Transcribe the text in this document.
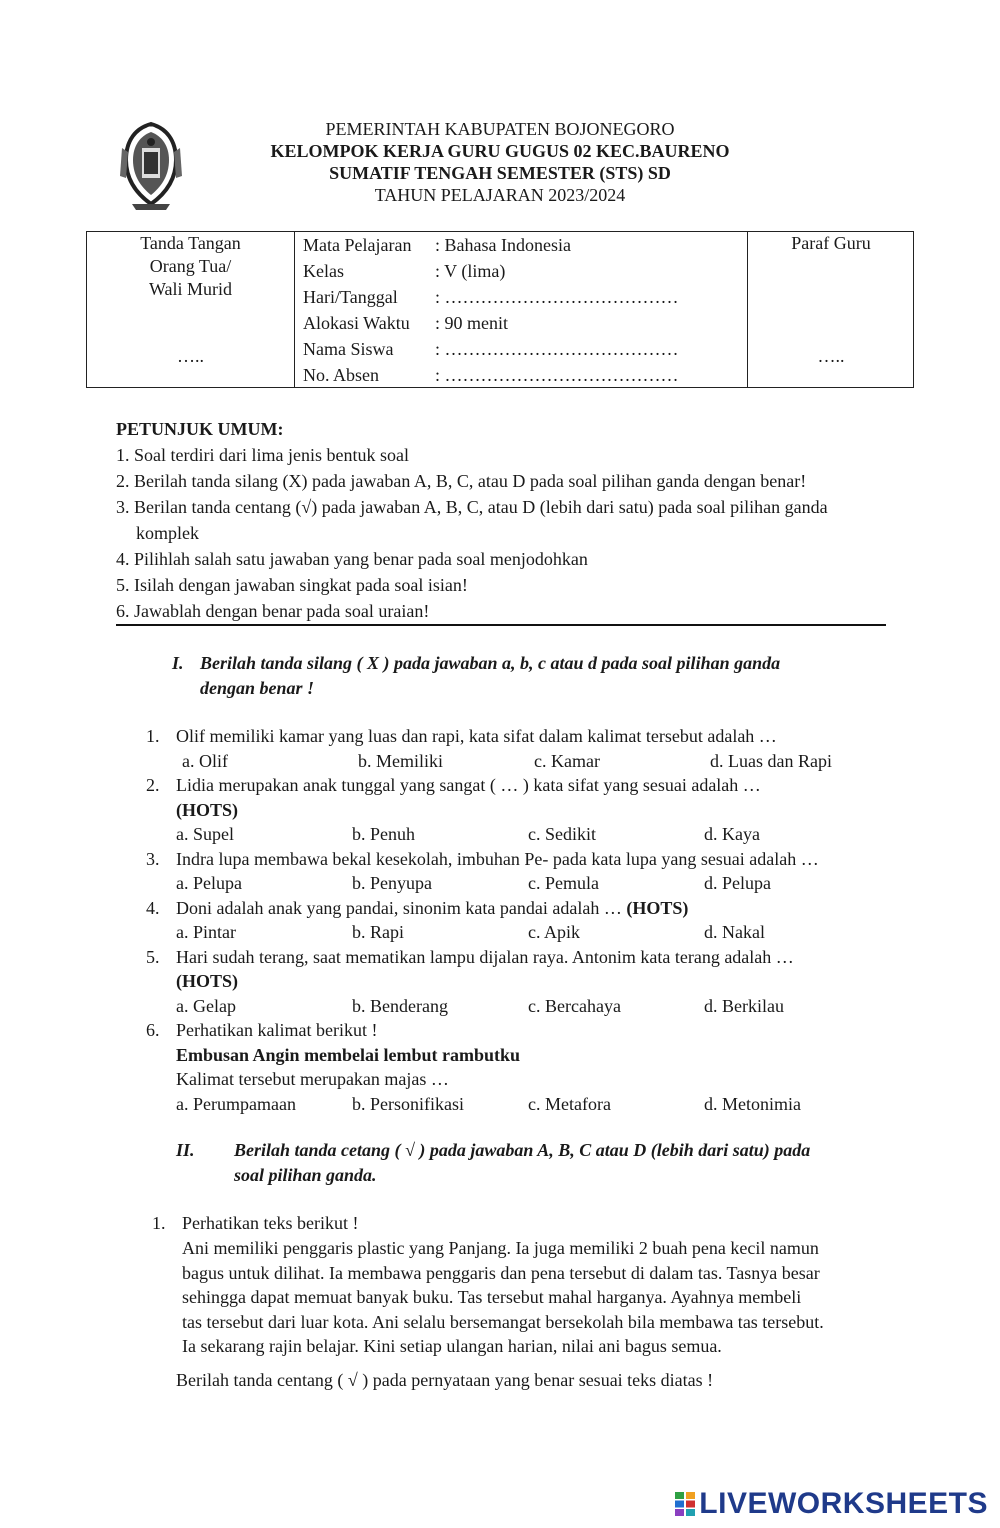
PEMERINTAH KABUPATEN BOJONEGORO
KELOMPOK KERJA GURU GUGUS 02 KEC.BAURENO
SUMATIF TENGAH SEMESTER (STS) SD
TAHUN PELAJARAN 2023/2024
Tanda Tangan
Orang Tua/
Wali Murid
…..
Mata Pelajaran : Bahasa Indonesia
Kelas	: V (lima)
Hari/Tanggal : …………………………………
Alokasi Waktu : 90 menit
Nama Siswa : …………………………………
No. Absen	: …………………………………
Paraf Guru
…..
PETUNJUK UMUM:
1. Soal terdiri dari lima jenis bentuk soal
2. Berilah tanda silang (X) pada jawaban A, B, C, atau D pada soal pilihan ganda dengan benar!
3. Berilan tanda centang (√) pada jawaban A, B, C, atau D (lebih dari satu) pada soal pilihan ganda
komplek
4. Pilihlah salah satu jawaban yang benar pada soal menjodohkan
5. Isilah dengan jawaban singkat pada soal isian!
6. Jawablah dengan benar pada soal uraian!
I. Berilah tanda silang ( X ) pada jawaban a, b, c atau d pada soal pilihan ganda
dengan benar !
1. Olif memiliki kamar yang luas dan rapi, kata sifat dalam kalimat tersebut adalah …
a. Olif	b. Memiliki	c. Kamar	d. Luas dan Rapi
2. Lidia merupakan anak tunggal yang sangat ( … ) kata sifat yang sesuai adalah …
(HOTS)
a. Supel	b. Penuh	c. Sedikit	d. Kaya
3. Indra lupa membawa bekal kesekolah, imbuhan Pe- pada kata lupa yang sesuai adalah …
a. Pelupa	b. Penyupa	c. Pemula	d. Pelupa
4. Doni adalah anak yang pandai, sinonim kata pandai adalah … (HOTS)
a. Pintar	b. Rapi	c. Apik	d. Nakal
5. Hari sudah terang, saat mematikan lampu dijalan raya. Antonim kata terang adalah …
(HOTS)
a. Gelap	b. Benderang	c. Bercahaya	d. Berkilau
6. Perhatikan kalimat berikut !
Embusan Angin membelai lembut rambutku
Kalimat tersebut merupakan majas …
a. Perumpamaan	b. Personifikasi	c. Metafora	d. Metonimia
II. Berilah tanda cetang ( √ ) pada jawaban A, B, C atau D (lebih dari satu) pada
soal pilihan ganda.
1. Perhatikan teks berikut !
Ani memiliki penggaris plastic yang Panjang. Ia juga memiliki 2 buah pena kecil namun
bagus untuk dilihat. Ia membawa penggaris dan pena tersebut di dalam tas. Tasnya besar
sehingga dapat memuat banyak buku. Tas tersebut mahal harganya. Ayahnya membeli
tas tersebut dari luar kota. Ani selalu bersemangat bersekolah bila membawa tas tersebut.
Ia sekarang rajin belajar. Kini setiap ulangan harian, nilai ani bagus semua.
Berilah tanda centang ( √ ) pada pernyataan yang benar sesuai teks diatas !
LIVEWORKSHEETS
